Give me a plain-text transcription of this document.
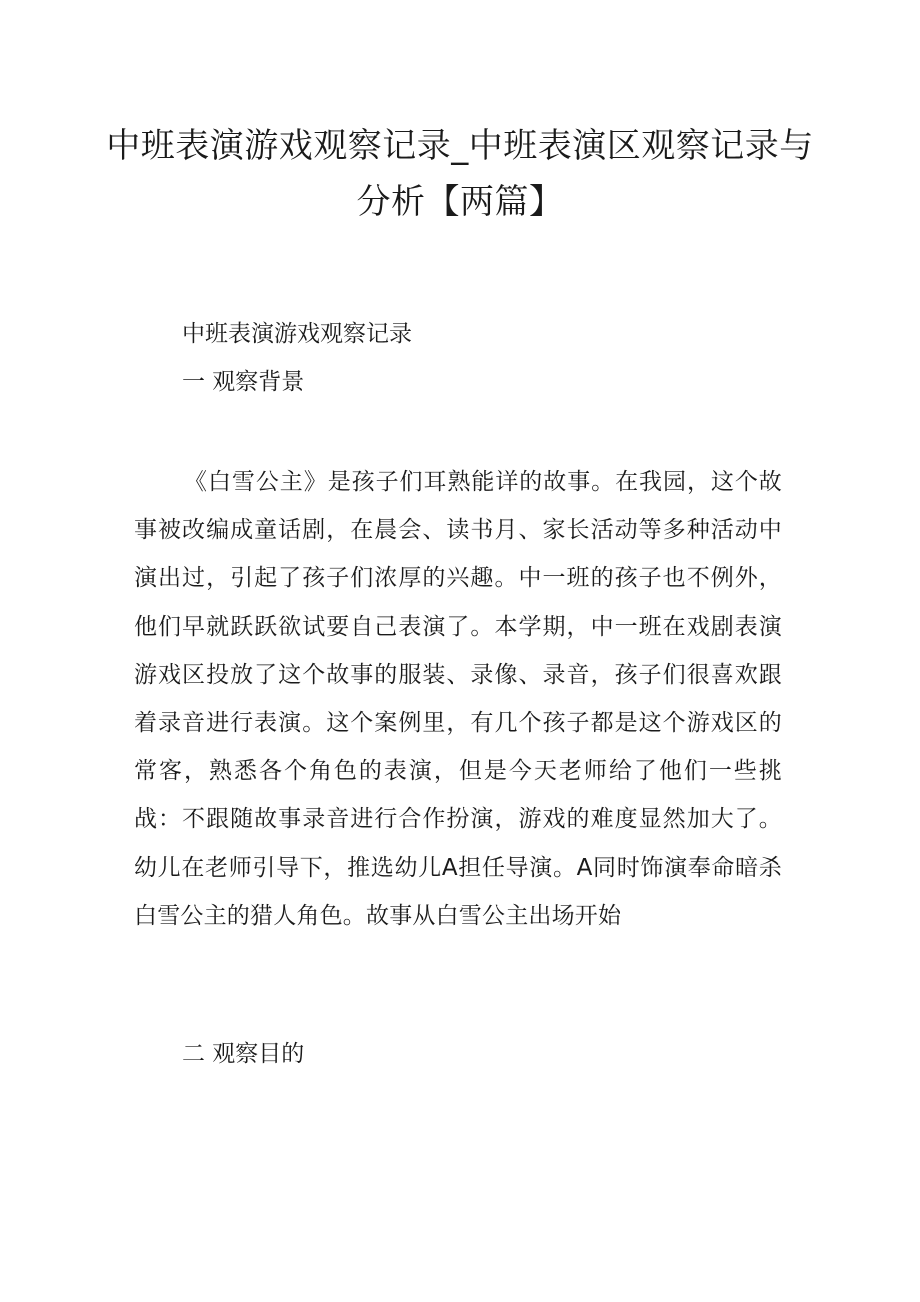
中班表演游戏观察记录_中班表演区观察记录与分析【两篇】
中班表演游戏观察记录
一 观察背景

《白雪公主》是孩子们耳熟能详的故事。在我园，这个故事被改编成童话剧，在晨会、读书月、家长活动等多种活动中演出过，引起了孩子们浓厚的兴趣。中一班的孩子也不例外，他们早就跃跃欲试要自己表演了。本学期，中一班在戏剧表演游戏区投放了这个故事的服装、录像、录音，孩子们很喜欢跟着录音进行表演。这个案例里，有几个孩子都是这个游戏区的常客，熟悉各个角色的表演，但是今天老师给了他们一些挑战：不跟随故事录音进行合作扮演，游戏的难度显然加大了。幼儿在老师引导下，推选幼儿A担任导演。A同时饰演奉命暗杀白雪公主的猎人角色。故事从白雪公主出场开始

二 观察目的
